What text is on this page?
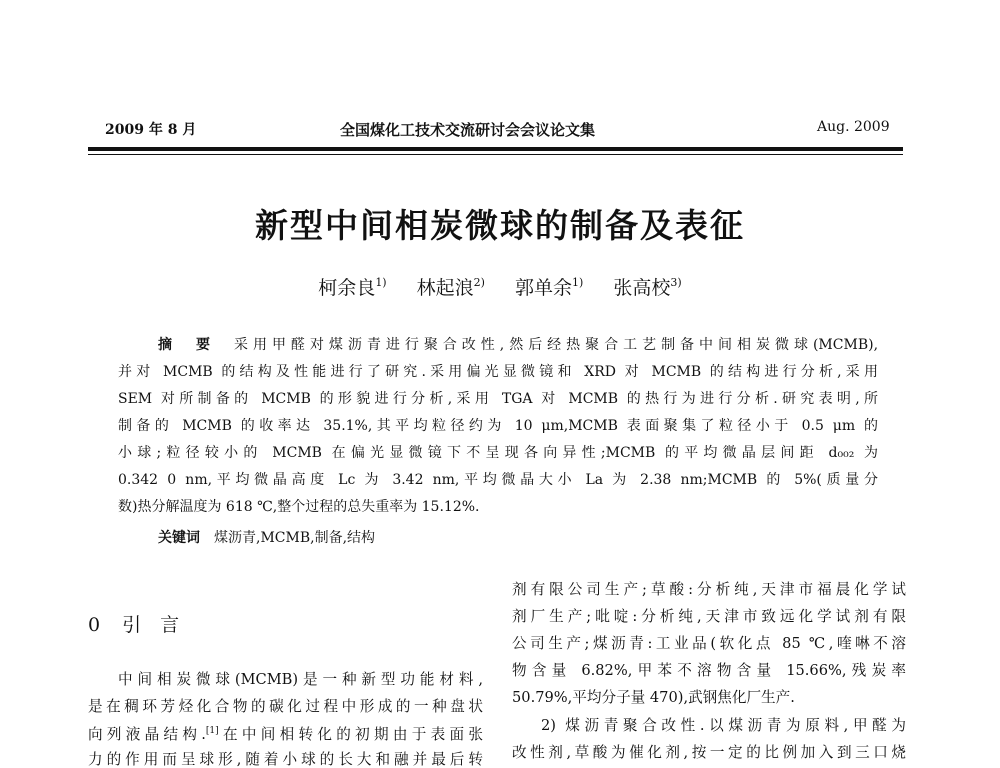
2009 年 8 月	全国煤化工技术交流研讨会会议论文集	Aug. 2009
新型中间相炭微球的制备及表征
柯余良$^{1)}$ 林起浪$^{2)}$ 郭单余$^{1)}$ 张高校$^{3)}$
摘　要　 采用甲醛对煤沥青进行聚合改性,然后经热聚合工艺制备中间相炭微球(MCMB),
并对 MCMB 的结构及性能进行了研究.采用偏光显微镜和 XRD 对 MCMB 的结构进行分析,采用
SEM 对所制备的 MCMB 的形貌进行分析,采用 TGA 对 MCMB 的热行为进行分析.研究表明,所
制备的 MCMB 的收率达 35.1%,其平均粒径约为 10 μm,MCMB 表面聚集了粒径小于 0.5 μm 的
小球;粒径较小的 MCMB 在偏光显微镜下不呈现各向异性;MCMB 的平均微晶层间距 d₀₀₂ 为
0.342 0 nm,平均微晶高度 Lc 为 3.42 nm,平均微晶大小 La 为 2.38 nm;MCMB 的 5%(质量分
数)热分解温度为 618 ℃,整个过程的总失重率为 15.12%.
关键词　 煤沥青,MCMB,制备,结构
0 引　言
中间相炭微球(MCMB)是一种新型功能材料,
是在稠环芳烃化合物的碳化过程中形成的一种盘状
向列液晶结构.[1]在中间相转化的初期由于表面张
力的作用而呈球形,随着小球的长大和融并最后转
剂有限公司生产;草酸:分析纯,天津市福晨化学试
剂厂生产;吡啶:分析纯,天津市致远化学试剂有限
公司生产;煤沥青:工业品(软化点 85 ℃,喹啉不溶
物含量 6.82%,甲苯不溶物含量 15.66%,残炭率
50.79%,平均分子量 470),武钢焦化厂生产.
2) 煤沥青聚合改性.以煤沥青为原料,甲醛为
改性剂,草酸为催化剂,按一定的比例加入到三口烧
